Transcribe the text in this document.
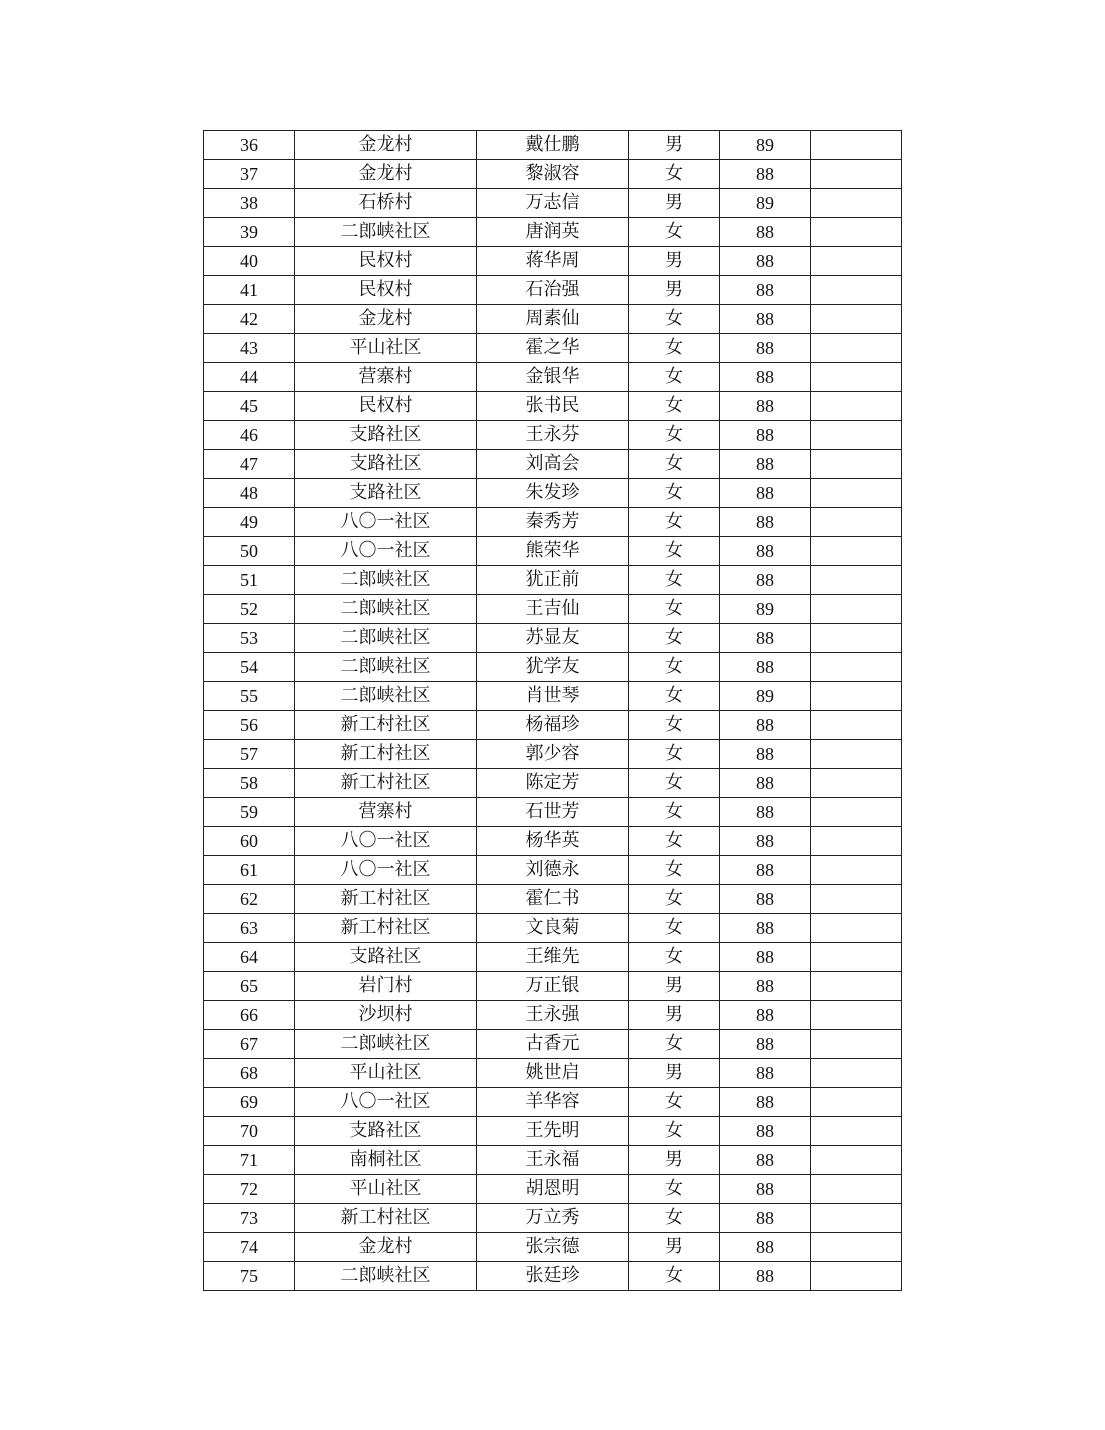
36	金龙村	戴仕鹏	男	89	
37	金龙村	黎淑容	女	88	
38	石桥村	万志信	男	89	
39	二郎峡社区	唐润英	女	88	
40	民权村	蒋华周	男	88	
41	民权村	石治强	男	88	
42	金龙村	周素仙	女	88	
43	平山社区	霍之华	女	88	
44	营寨村	金银华	女	88	
45	民权村	张书民	女	88	
46	支路社区	王永芬	女	88	
47	支路社区	刘高会	女	88	
48	支路社区	朱发珍	女	88	
49	八〇一社区	秦秀芳	女	88	
50	八〇一社区	熊荣华	女	88	
51	二郎峡社区	犹正前	女	88	
52	二郎峡社区	王吉仙	女	89	
53	二郎峡社区	苏显友	女	88	
54	二郎峡社区	犹学友	女	88	
55	二郎峡社区	肖世琴	女	89	
56	新工村社区	杨福珍	女	88	
57	新工村社区	郭少容	女	88	
58	新工村社区	陈定芳	女	88	
59	营寨村	石世芳	女	88	
60	八〇一社区	杨华英	女	88	
61	八〇一社区	刘德永	女	88	
62	新工村社区	霍仁书	女	88	
63	新工村社区	文良菊	女	88	
64	支路社区	王维先	女	88	
65	岩门村	万正银	男	88	
66	沙坝村	王永强	男	88	
67	二郎峡社区	古香元	女	88	
68	平山社区	姚世启	男	88	
69	八〇一社区	羊华容	女	88	
70	支路社区	王先明	女	88	
71	南桐社区	王永福	男	88	
72	平山社区	胡恩明	女	88	
73	新工村社区	万立秀	女	88	
74	金龙村	张宗德	男	88	
75	二郎峡社区	张廷珍	女	88	
